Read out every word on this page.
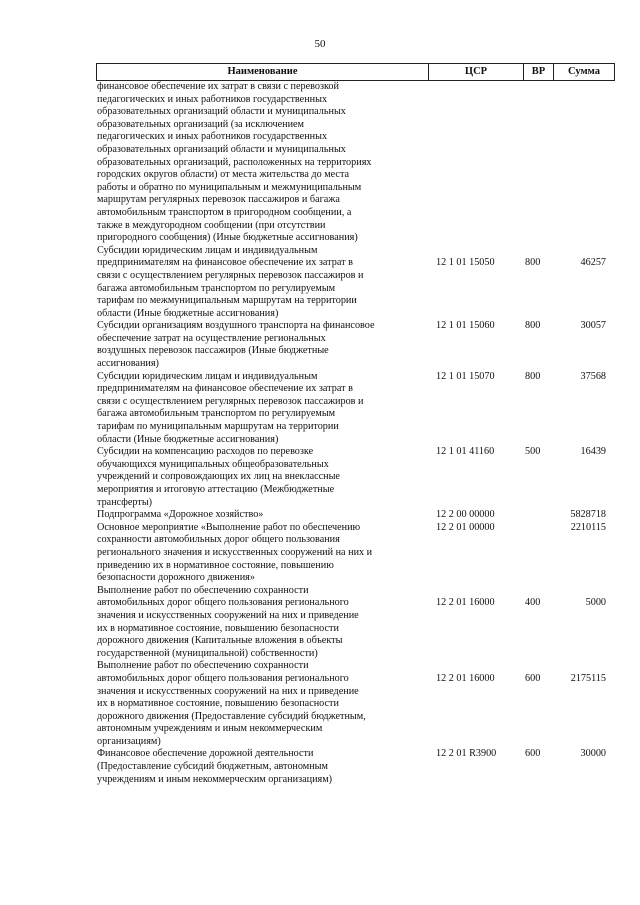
50
Наименование	ЦСР	ВР	Сумма
финансовое обеспечение их затрат в связи с перевозкой
педагогических и иных работников государственных
образовательных организаций области и муниципальных
образовательных организаций (за исключением
педагогических и иных работников государственных
образовательных организаций области и муниципальных
образовательных организаций, расположенных на территориях
городских округов области) от места жительства до места
работы и обратно по муниципальным и межмуниципальным
маршрутам регулярных перевозок пассажиров и багажа
автомобильным транспортом в пригородном сообщении, а
также в междугородном сообщении (при отсутствии
пригородного сообщения) (Иные бюджетные ассигнования)
Субсидии юридическим лицам и индивидуальным
предпринимателям на финансовое обеспечение их затрат в
связи с осуществлением регулярных перевозок пассажиров и
багажа автомобильным транспортом по регулируемым
тарифам по межмуниципальным маршрутам на территории
области (Иные бюджетные ассигнования)
12 1 01 15050	800	46257
Субсидии организациям воздушного транспорта на финансовое
обеспечение затрат на осуществление региональных
воздушных перевозок пассажиров (Иные бюджетные
ассигнования)
12 1 01 15060	800	30057
Субсидии юридическим лицам и индивидуальным
предпринимателям на финансовое обеспечение их затрат в
связи с осуществлением регулярных перевозок пассажиров и
багажа автомобильным транспортом по регулируемым
тарифам по муниципальным маршрутам на территории
области (Иные бюджетные ассигнования)
12 1 01 15070	800	37568
Субсидии на компенсацию расходов по перевозке
обучающихся муниципальных общеобразовательных
учреждений и сопровождающих их лиц на внеклассные
мероприятия и итоговую аттестацию (Межбюджетные
трансферты)
12 1 01 41160	500	16439
Подпрограмма «Дорожное хозяйство»	12 2 00 00000	5828718
Основное мероприятие «Выполнение работ по обеспечению
сохранности автомобильных дорог общего пользования
регионального значения и искусственных сооружений на них и
приведению их в нормативное состояние, повышению
безопасности дорожного движения»
12 2 01 00000	2210115
Выполнение работ по обеспечению сохранности
автомобильных дорог общего пользования регионального
значения и искусственных сооружений на них и приведение
их в нормативное состояние, повышению безопасности
дорожного движения (Капитальные вложения в объекты
государственной (муниципальной) собственности)
12 2 01 16000	400	5000
Выполнение работ по обеспечению сохранности
автомобильных дорог общего пользования регионального
значения и искусственных сооружений на них и приведение
их в нормативное состояние, повышению безопасности
дорожного движения (Предоставление субсидий бюджетным,
автономным учреждениям и иным некоммерческим
организациям)
12 2 01 16000	600	2175115
Финансовое обеспечение дорожной деятельности
(Предоставление субсидий бюджетным, автономным
учреждениям и иным некоммерческим организациям)
12 2 01 R3900	600	30000
